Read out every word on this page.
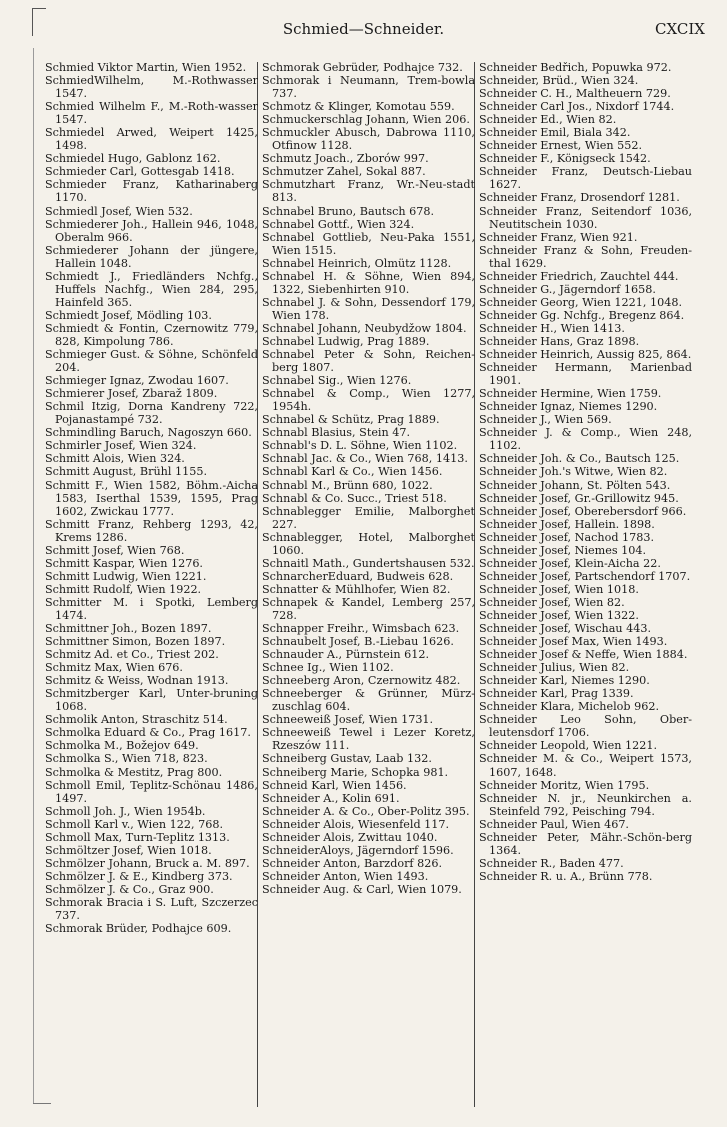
Schmied—Schneider.	CXCIX

Schmied Viktor Martin, Wien 1952.

SchmiedWilhelm, M.-Rothwasser 1547.

Schmied Wilhelm F., M.-Roth-wasser 1547.

Schmiedel Arwed, Weipert 1425, 1498.

Schmiedel Hugo, Gablonz 162.

Schmieder Carl, Gottesgab 1418.

Schmieder Franz, Katharinaberg 1170.

Schmiedl Josef, Wien 532.

Schmiederer Joh., Hallein 946, 1048, Oberalm 966.

Schmiederer Johann der jüngere, Hallein 1048.

Schmiedt J., Friedländers Nchfg., Huffels Nachfg., Wien 284, 295, Hainfeld 365.

Schmiedt Josef, Mödling 103.

Schmiedt & Fontin, Czernowitz 779, 828, Kimpolung 786.

Schmieger Gust. & Söhne, Schönfeld 204.

Schmieger Ignaz, Zwodau 1607.

Schmierer Josef, Zbaraž 1809.

Schmil Itzig, Dorna Kandreny 722, Pojanastampé 732.

Schmindling Baruch, Nagoszyn 660.

Schmirler Josef, Wien 324.

Schmitt Alois, Wien 324.

Schmitt August, Brühl 1155.

Schmitt F., Wien 1582, Böhm.-Aicha 1583, Iserthal 1539, 1595, Prag 1602, Zwickau 1777.

Schmitt Franz, Rehberg 1293, 42, Krems 1286.

Schmitt Josef, Wien 768.

Schmitt Kaspar, Wien 1276.

Schmitt Ludwig, Wien 1221.

Schmitt Rudolf, Wien 1922.

Schmitter M. i Spotki, Lemberg 1474.

Schmittner Joh., Bozen 1897.

Schmittner Simon, Bozen 1897.

Schmitz Ad. et Co., Triest 202.

Schmitz Max, Wien 676.

Schmitz & Weiss, Wodnan 1913.

Schmitzberger Karl, Unter-bruning 1068.

Schmolik Anton, Straschitz 514.

Schmolka Eduard & Co., Prag 1617.

Schmolka M., Božejov 649.

Schmolka S., Wien 718, 823.

Schmolka & Mestitz, Prag 800.

Schmoll Emil, Teplitz-Schönau 1486, 1497.

Schmoll Joh. J., Wien 1954b.

Schmoll Karl v., Wien 122, 768.

Schmoll Max, Turn-Teplitz 1313.

Schmöltzer Josef, Wien 1018.

Schmölzer Johann, Bruck a. M. 897.

Schmölzer J. & E., Kindberg 373.

Schmölzer J. & Co., Graz 900.

Schmorak Bracia i S. Luft, Szczerzec 737.

Schmorak Brüder, Podhajce 609.

Schmorak Gebrüder, Podhajce 732.

Schmorak i Neumann, Trem-bowla 737.

Schmotz & Klinger, Komotau 559.

Schmuckerschlag Johann, Wien 206.

Schmuckler Abusch, Dabrowa 1110, Otfinow 1128.

Schmutz Joach., Zborów 997.

Schmutzer Zahel, Sokal 887.

Schmutzhart Franz, Wr.-Neu-stadt 813.

Schnabel Bruno, Bautsch 678.

Schnabel Gottf., Wien 324.

Schnabel Gottlieb, Neu-Paka 1551, Wien 1515.

Schnabel Heinrich, Olmütz 1128.

Schnabel H. & Söhne, Wien 894, 1322, Siebenhirten 910.

Schnabel J. & Sohn, Dessendorf 179, Wien 178.

Schnabel Johann, Neubydžow 1804.

Schnabel Ludwig, Prag 1889.

Schnabel Peter & Sohn, Reichen-berg 1807.

Schnabel Sig., Wien 1276.

Schnabel & Comp., Wien 1277, 1954h.

Schnabel & Schütz, Prag 1889.

Schnabl Blasius, Stein 47.

Schnabl's D. L. Söhne, Wien 1102.

Schnabl Jac. & Co., Wien 768, 1413.

Schnabl Karl & Co., Wien 1456.

Schnabl M., Brünn 680, 1022.

Schnabl & Co. Succ., Triest 518.

Schnablegger Emilie, Malborghet 227.

Schnablegger, Hotel, Malborghet 1060.

Schnaitl Math., Gundertshausen 532.

SchnarcherEduard, Budweis 628.

Schnatter & Mühlhofer, Wien 82.

Schnapek & Kandel, Lemberg 257, 728.

Schnapper Freihr., Wimsbach 623.

Schnaubelt Josef, B.-Liebau 1626.

Schnauder A., Pürnstein 612.

Schnee Ig., Wien 1102.

Schneeberg Aron, Czernowitz 482.

Schneeberger & Grünner, Mürz-zuschlag 604.

Schneeweiß Josef, Wien 1731.

Schneeweiß Tewel i Lezer Koretz, Rzeszów 111.

Schneiberg Gustav, Laab 132.

Schneiberg Marie, Schopka 981.

Schneid Karl, Wien 1456.

Schneider A., Kolin 691.

Schneider A. & Co., Ober-Politz 395.

Schneider Alois, Wiesenfeld 117.

Schneider Alois, Zwittau 1040.

SchneiderAloys, Jägerndorf 1596.

Schneider Anton, Barzdorf 826.

Schneider Anton, Wien 1493.

Schneider Aug. & Carl, Wien 1079.

Schneider Bedřich, Popuwka 972.

Schneider, Brüd., Wien 324.

Schneider C. H., Maltheuern 729.

Schneider Carl Jos., Nixdorf 1744.

Schneider Ed., Wien 82.

Schneider Emil, Biala 342.

Schneider Ernest, Wien 552.

Schneider F., Königseck 1542.

Schneider Franz, Deutsch-Liebau 1627.

Schneider Franz, Drosendorf 1281.

Schneider Franz, Seitendorf 1036, Neutitschein 1030.

Schneider Franz, Wien 921.

Schneider Franz & Sohn, Freuden-thal 1629.

Schneider Friedrich, Zauchtel 444.

Schneider G., Jägerndorf 1658.

Schneider Georg, Wien 1221, 1048.

Schneider Gg. Nchfg., Bregenz 864.

Schneider H., Wien 1413.

Schneider Hans, Graz 1898.

Schneider Heinrich, Aussig 825, 864.

Schneider Hermann, Marienbad 1901.

Schneider Hermine, Wien 1759.

Schneider Ignaz, Niemes 1290.

Schneider J., Wien 569.

Schneider J. & Comp., Wien 248, 1102.

Schneider Joh. & Co., Bautsch 125.

Schneider Joh.'s Witwe, Wien 82.

Schneider Johann, St. Pölten 543.

Schneider Josef, Gr.-Grillowitz 945.

Schneider Josef, Oberebersdorf 966.

Schneider Josef, Hallein. 1898.

Schneider Josef, Nachod 1783.

Schneider Josef, Niemes 104.

Schneider Josef, Klein-Aicha 22.

Schneider Josef, Partschendorf 1707.

Schneider Josef, Wien 1018.

Schneider Josef, Wien 82.

Schneider Josef, Wien 1322.

Schneider Josef, Wischau 443.

Schneider Josef Max, Wien 1493.

Schneider Josef & Neffe, Wien 1884.

Schneider Julius, Wien 82.

Schneider Karl, Niemes 1290.

Schneider Karl, Prag 1339.

Schneider Klara, Michelob 962.

Schneider Leo Sohn, Ober-leutensdorf 1706.

Schneider Leopold, Wien 1221.

Schneider M. & Co., Weipert 1573, 1607, 1648.

Schneider Moritz, Wien 1795.

Schneider N. jr., Neunkirchen a. Steinfeld 792, Peisching 794.

Schneider Paul, Wien 467.

Schneider Peter, Mähr.-Schön-berg 1364.

Schneider R., Baden 477.

Schneider R. u. A., Brünn 778.
